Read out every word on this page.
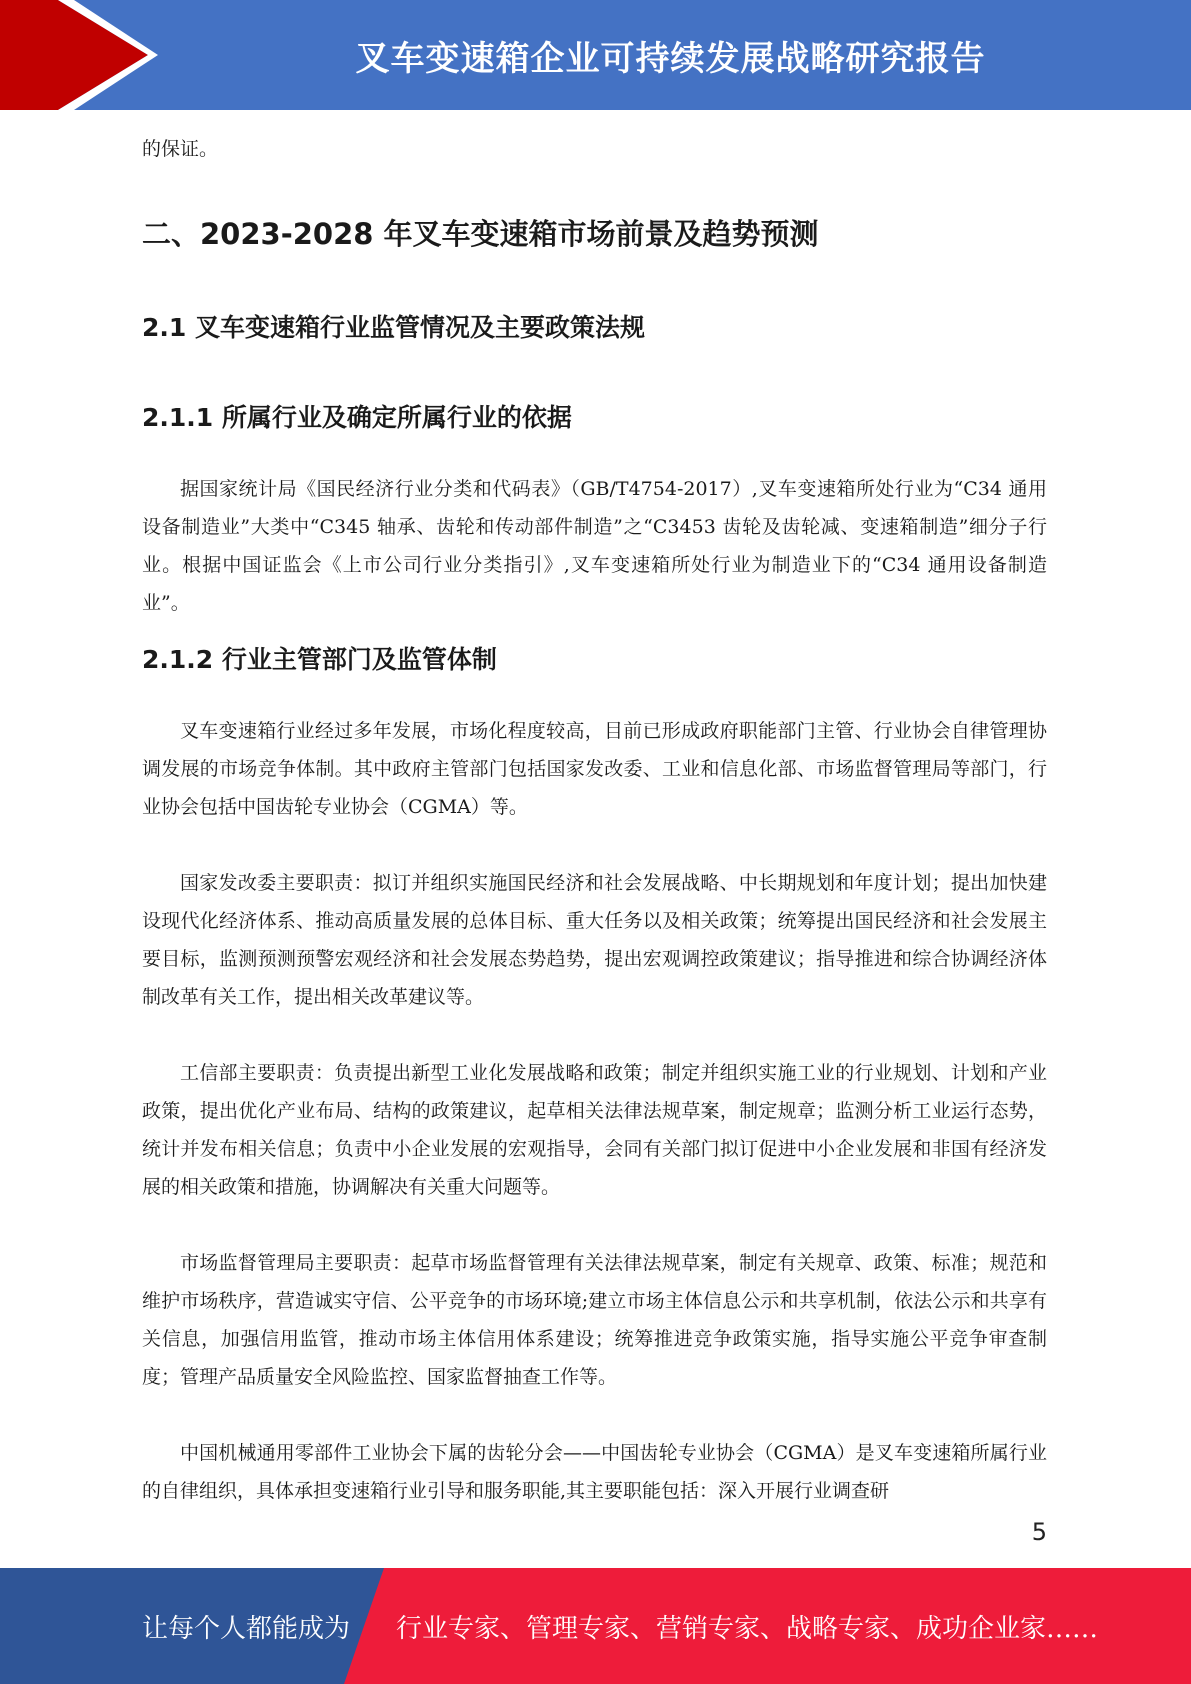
叉车变速箱企业可持续发展战略研究报告
的保证。
二、2023-2028 年叉车变速箱市场前景及趋势预测
2.1 叉车变速箱行业监管情况及主要政策法规
2.1.1 所属行业及确定所属行业的依据

据国家统计局《国民经济行业分类和代码表》（GB/T4754-2017）,叉车变速箱所处行业为“C34 通用设备制造业”大类中“C345 轴承、齿轮和传动部件制造”之“C3453 齿轮及齿轮减、变速箱制造”细分子行业。根据中国证监会《上市公司行业分类指引》,叉车变速箱所处行业为制造业下的“C34 通用设备制造业”。

2.1.2 行业主管部门及监管体制

叉车变速箱行业经过多年发展，市场化程度较高，目前已形成政府职能部门主管、行业协会自律管理协调发展的市场竞争体制。其中政府主管部门包括国家发改委、工业和信息化部、市场监督管理局等部门，行业协会包括中国齿轮专业协会（CGMA）等。

国家发改委主要职责：拟订并组织实施国民经济和社会发展战略、中长期规划和年度计划；提出加快建设现代化经济体系、推动高质量发展的总体目标、重大任务以及相关政策；统筹提出国民经济和社会发展主要目标，监测预测预警宏观经济和社会发展态势趋势，提出宏观调控政策建议；指导推进和综合协调经济体制改革有关工作，提出相关改革建议等。

工信部主要职责：负责提出新型工业化发展战略和政策；制定并组织实施工业的行业规划、计划和产业政策，提出优化产业布局、结构的政策建议，起草相关法律法规草案，制定规章；监测分析工业运行态势，统计并发布相关信息；负责中小企业发展的宏观指导，会同有关部门拟订促进中小企业发展和非国有经济发展的相关政策和措施，协调解决有关重大问题等。

市场监督管理局主要职责：起草市场监督管理有关法律法规草案，制定有关规章、政策、标准；规范和维护市场秩序，营造诚实守信、公平竞争的市场环境;建立市场主体信息公示和共享机制，依法公示和共享有关信息，加强信用监管，推动市场主体信用体系建设；统筹推进竞争政策实施，指导实施公平竞争审查制度；管理产品质量安全风险监控、国家监督抽查工作等。

中国机械通用零部件工业协会下属的齿轮分会——中国齿轮专业协会（CGMA）是叉车变速箱所属行业的自律组织，具体承担变速箱行业引导和服务职能,其主要职能包括：深入开展行业调查研

5
让每个人都能成为 行业专家、管理专家、营销专家、战略专家、成功企业家……
